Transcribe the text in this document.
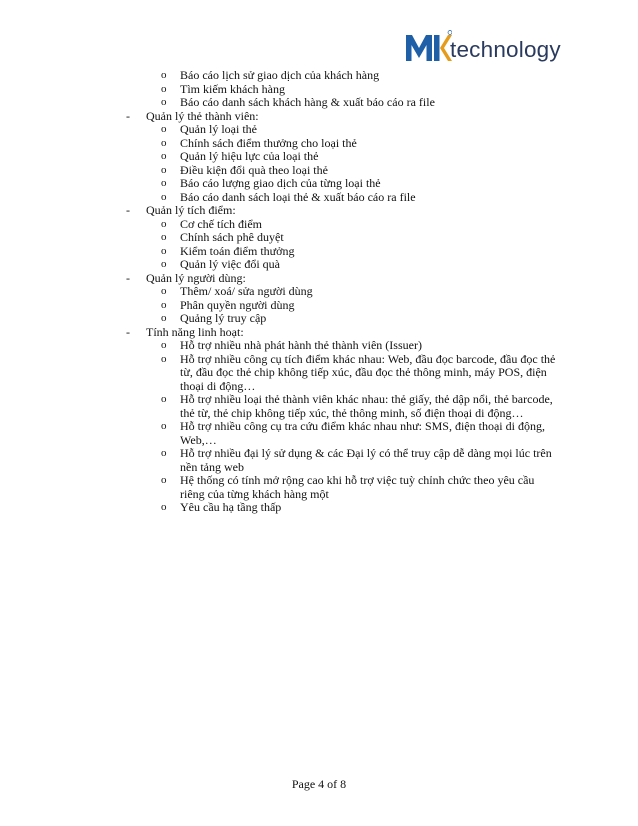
technology
o Báo cáo lịch sử giao dịch của khách hàng
o Tìm kiếm khách hàng
o Báo cáo danh sách khách hàng & xuất báo cáo ra file
- Quản lý thẻ thành viên:
o Quản lý loại thẻ
o Chính sách điểm thưởng cho loại thẻ
o Quản lý hiệu lực của loại thẻ
o Điều kiện đổi quà theo loại thẻ
o Báo cáo lượng giao dịch của từng loại thẻ
o Báo cáo danh sách loại thẻ & xuất báo cáo ra file
- Quản lý tích điểm:
o Cơ chế tích điểm
o Chính sách phê duyệt
o Kiểm toán điểm thưởng
o Quản lý việc đổi quà
- Quản lý người dùng:
o Thêm/ xoá/ sửa người dùng
o Phân quyền người dùng
o Quảng lý truy cập
- Tính năng linh hoạt:
o Hỗ trợ nhiều nhà phát hành thẻ thành viên (Issuer)
o Hỗ trợ nhiều công cụ tích điểm khác nhau: Web, đầu đọc barcode, đầu đọc thẻ từ, đầu đọc thẻ chip không tiếp xúc, đầu đọc thẻ thông minh, máy POS, điện thoại di động…
o Hỗ trợ nhiều loại thẻ thành viên khác nhau: thẻ giấy, thẻ dập nổi, thẻ barcode, thẻ từ, thẻ chip không tiếp xúc, thẻ thông minh, số điện thoại di động…
o Hỗ trợ nhiều công cụ tra cứu điểm khác nhau như: SMS, điện thoại di động, Web,…
o Hỗ trợ nhiều đại lý sử dụng & các Đại lý có thể truy cập dễ dàng mọi lúc trên nền tảng web
o Hệ thống có tính mở rộng cao khi hỗ trợ việc tuỳ chỉnh chức theo yêu cầu riêng của từng khách hàng một
o Yêu cầu hạ tầng thấp
Page 4 of 8
